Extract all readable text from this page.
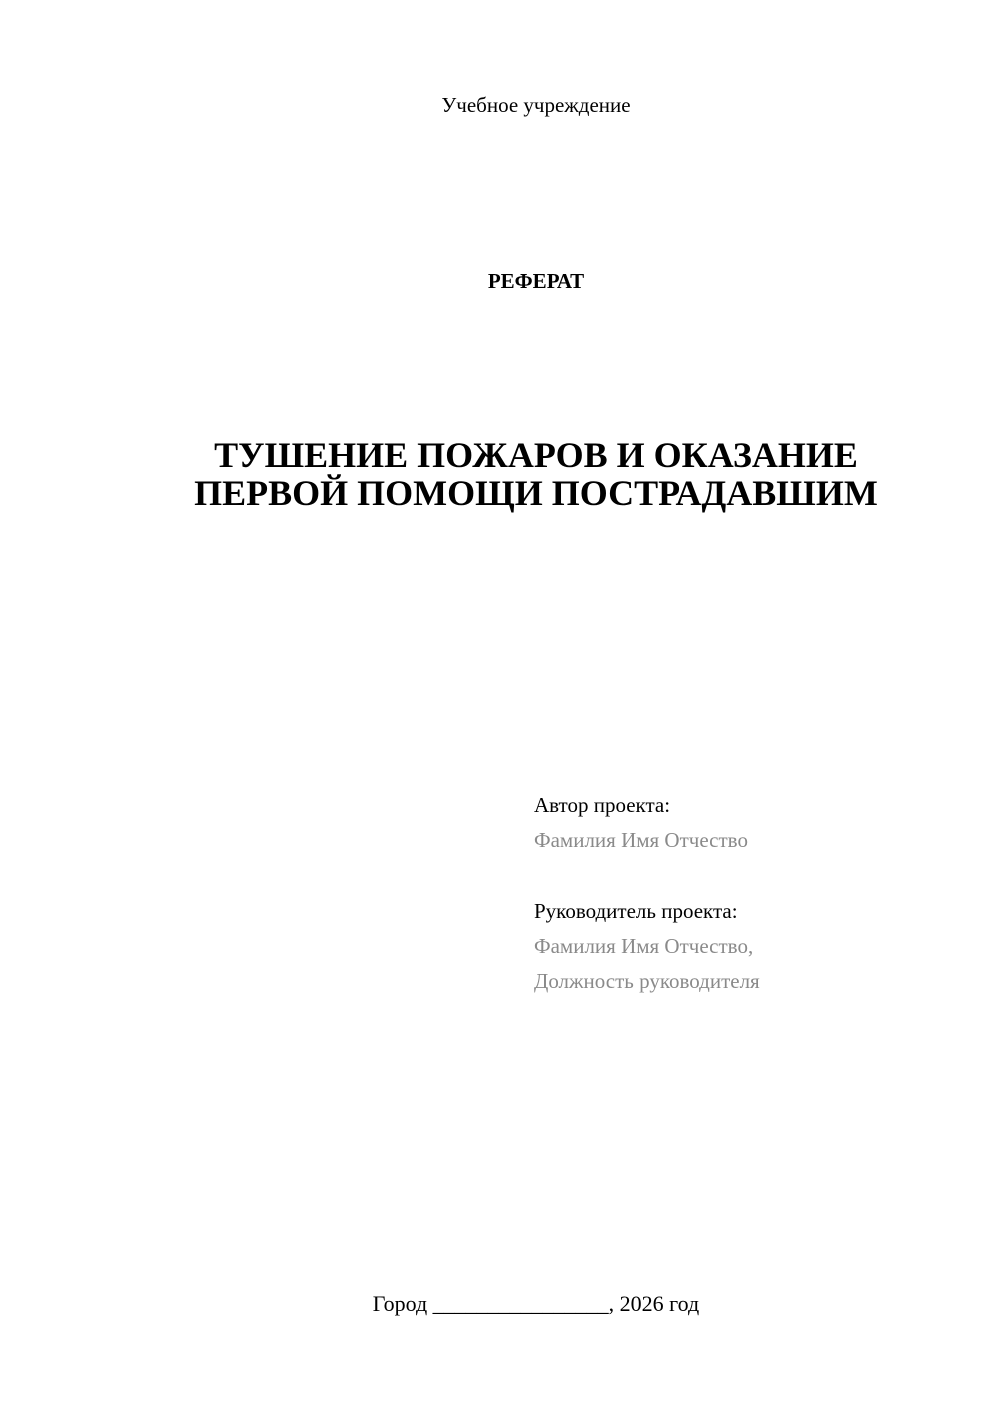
Учебное учреждение
РЕФЕРАТ
ТУШЕНИЕ ПОЖАРОВ И ОКАЗАНИЕ
ПЕРВОЙ ПОМОЩИ ПОСТРАДАВШИМ
Автор проекта:
Фамилия Имя Отчество
Руководитель проекта:
Фамилия Имя Отчество,
Должность руководителя
Город ________________, 2026 год
